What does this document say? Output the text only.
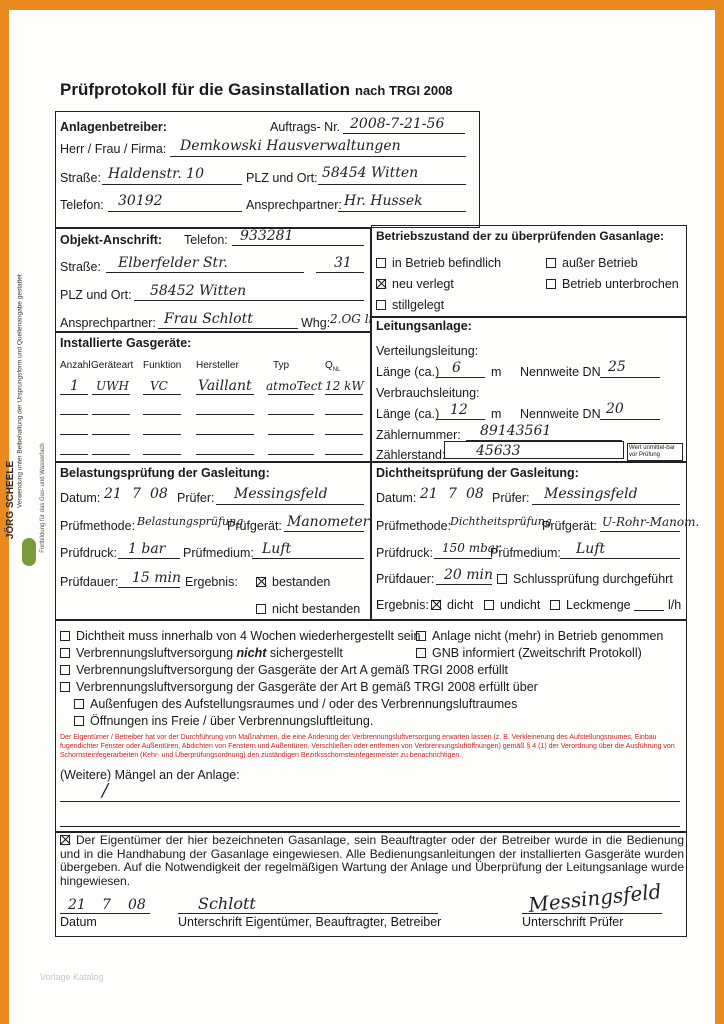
Prüfprotokoll für die Gasinstallation nach TRGI 2008
JÖRG SCHEELE	Fortbildung für das Gas- und Wasserfach
Verwendung unter Beibehaltung der Ursprungsform und Quellenangabe gestattet
Anlagenbetreiber:	Auftrags- Nr. 2008-7-21-56
Herr / Frau / Firma: Demkowski Hausverwaltungen
Straße: Haldenstr. 10	PLZ und Ort: 58454 Witten
Telefon: 30192	Ansprechpartner: Hr. Hussek
Objekt-Anschrift: Telefon: 933281
Straße: Elberfelder Str.	31
PLZ und Ort: 58452 Witten
Ansprechpartner: Frau Schlott	Whg: 2.OG li
Betriebszustand der zu überprüfenden Gasanlage:
in Betrieb befindlich	außer Betrieb
neu verlegt	Betrieb unterbrochen
stillgelegt
Installierte Gasgeräte:
Anzahl Geräteart Funktion Hersteller	Typ	$Q_{NL}$
1 UWH VC Vaillant atmoTect 12 kW
Leitungsanlage:
Verteilungsleitung:
Länge (ca.) 6 m Nennweite DN 25
Verbrauchsleitung:
Länge (ca.) 12 m Nennweite DN 20
Zählernummer: 89143561
Zählerstand: 45633	Wert unmittel-bar vor Prüfung
Belastungsprüfung der Gasleitung:
Datum: 21 7 08 Prüfer: Messingsfeld
Prüfmethode: Belastungsprüfung
Prüfgerät: Manometer
Prüfdruck: 1 bar Prüfmedium: Luft
Prüfdauer: 15 min Ergebnis:	bestanden
nicht bestanden
Dichtheitsprüfung der Gasleitung:
Datum: 21 7 08 Prüfer: Messingsfeld
Prüfmethode:
Dichtheitsprüfung
Prüfgerät: U-Rohr-Manom.
Prüfdruck: 150 mbar
Prüfmedium: Luft
Prüfdauer: 20 min	Schlussprüfung durchgeführt
Ergebnis:	dicht	undicht	Leckmenge	l/h
Dichtheit muss innerhalb von 4 Wochen wiederhergestellt sein Anlage nicht (mehr) in Betrieb genommen
Verbrennungsluftversorgung nicht sichergestellt	GNB informiert (Zweitschrift Protokoll)
Verbrennungsluftversorgung der Gasgeräte der Art A gemäß TRGI 2008 erfüllt
Verbrennungsluftversorgung der Gasgeräte der Art B gemäß TRGI 2008 erfüllt über
Außenfugen des Aufstellungsraumes und / oder des Verbrennungsluftraumes
Öffnungen ins Freie / über Verbrennungsluftleitung.
Der Eigentümer / Betreiber hat vor der Durchführung von Maßnahmen, die eine Änderung der Verbrennungsluftversorgung erwarten lassen (z. B. Verkleinerung des Aufstellungsraumes, Einbau fugendichter Fenster oder Außentüren, Abdichten von Fenstern und Außentüren, Verschließen oder entfernen von Verbrennungsluftöffnungen) gemäß § 4 (1) der Verordnung über die Ausführung von Schornsteinfegerarbeiten (Kehr- und Überprüfungsordnung) den zuständigen Bezirksschornsteinfegermeister zu benachrichtigen.
(Weitere) Mängel an der Anlage:
/
Der Eigentümer der hier bezeichneten Gasanlage, sein Beauftragter oder der Betreiber wurde in die Bedienung und in die Handhabung der Gasanlage eingewiesen. Alle Bedienungsanleitungen der installierten Gasgeräte wurden übergeben. Auf die Notwendigkeit der regelmäßigen Wartung der Anlage und Überprüfung der Leitungsanlage wurde hingewiesen.
21 7 08
Datum
Schlott
Unterschrift Eigentümer, Beauftragter, Betreiber
Messingsfeld
Unterschrift Prüfer
Vorlage Katalog
